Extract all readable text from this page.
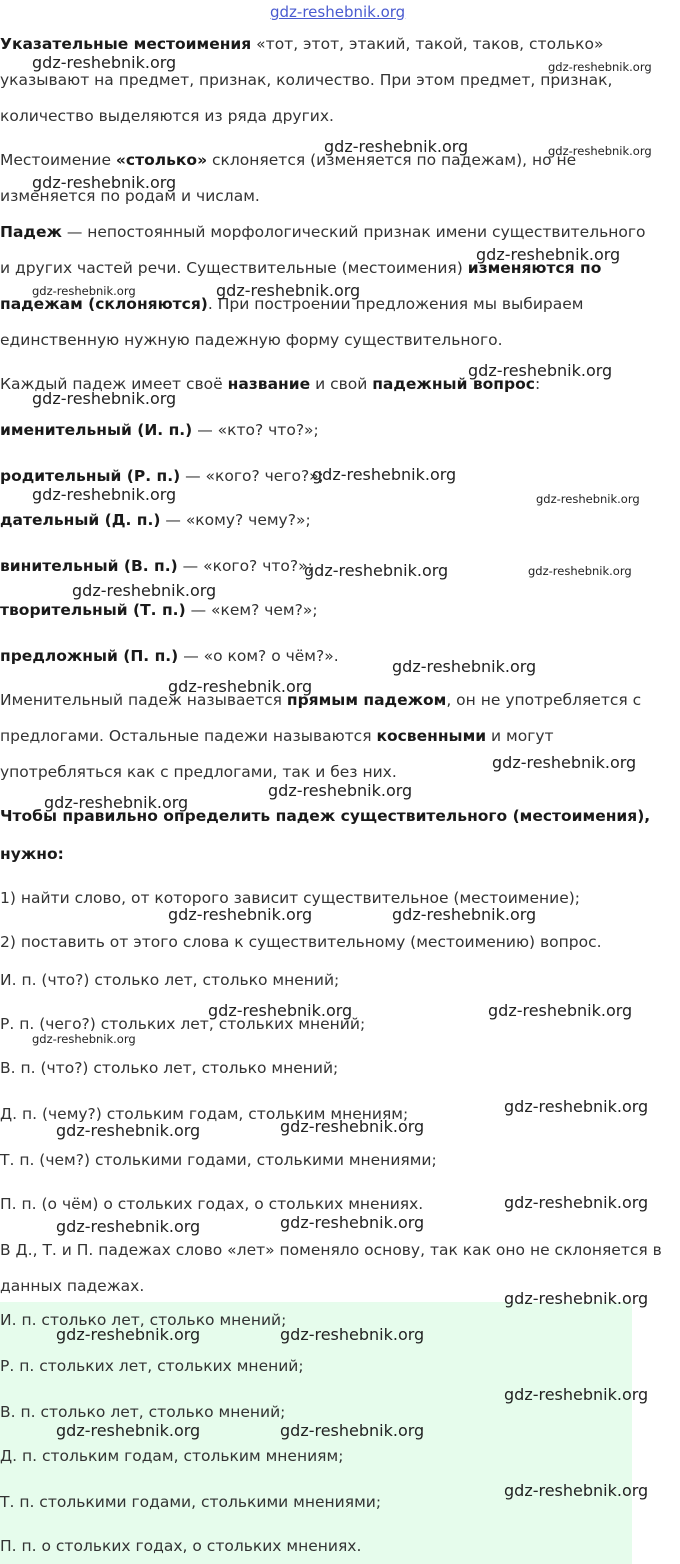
Указательные местоимения «тот, этот, этакий, такой, таков, столько»
указывают на предмет, признак, количество. При этом предмет, признак,
количество выделяются из ряда других.
Местоимение «столько» склоняется (изменяется по падежам), но не
изменяется по родам и числам.
Падеж — непостоянный морфологический признак имени существительного
и других частей речи. Существительные (местоимения) изменяются по
падежам (склоняются). При построении предложения мы выбираем
единственную нужную падежную форму существительного.
Каждый падеж имеет своё название и свой падежный вопрос:
именительный (И. п.) — «кто? что?»;
родительный (Р. п.) — «кого? чего?»;
дательный (Д. п.) — «кому? чему?»;
винительный (В. п.) — «кого? что?»;
творительный (Т. п.) — «кем? чем?»;
предложный (П. п.) — «о ком? о чём?».
Именительный падеж называется прямым падежом, он не употребляется с
предлогами. Остальные падежи называются косвенными и могут
употребляться как с предлогами, так и без них.
Чтобы правильно определить падеж существительного (местоимения),
нужно:
1) найти слово, от которого зависит существительное (местоимение);
2) поставить от этого слова к существительному (местоимению) вопрос.
И. п. (что?) столько лет, столько мнений;
Р. п. (чего?) стольких лет, стольких мнений;
В. п. (что?) столько лет, столько мнений;
Д. п. (чему?) стольким годам, стольким мнениям;
Т. п. (чем?) столькими годами, столькими мнениями;
П. п. (о чём) о стольких годах, о стольких мнениях.
В Д., Т. и П. падежах слово «лет» поменяло основу, так как оно не склоняется в
данных падежах.
И. п. столько лет, столько мнений;
Р. п. стольких лет, стольких мнений;
В. п. столько лет, столько мнений;
Д. п. стольким годам, стольким мнениям;
Т. п. столькими годами, столькими мнениями;
П. п. о стольких годах, о стольких мнениях.
gdz-reshebnik.org
gdz-reshebnik.org	gdz-reshebnik.org
gdz-reshebnik.org	gdz-reshebnik.org
gdz-reshebnik.org
gdz-reshebnik.org
gdz-reshebnik.org	gdz-reshebnik.org
gdz-reshebnik.org
gdz-reshebnik.org
gdz-reshebnik.org
gdz-reshebnik.org	gdz-reshebnik.org
gdz-reshebnik.org	gdz-reshebnik.org
gdz-reshebnik.org
gdz-reshebnik.org
gdz-reshebnik.org
gdz-reshebnik.org
gdz-reshebnik.org
gdz-reshebnik.org
gdz-reshebnik.org	gdz-reshebnik.org
gdz-reshebnik.org	gdz-reshebnik.org
gdz-reshebnik.org
gdz-reshebnik.org
gdz-reshebnik.org
gdz-reshebnik.org
gdz-reshebnik.org
gdz-reshebnik.org
gdz-reshebnik.org
gdz-reshebnik.org
gdz-reshebnik.org	gdz-reshebnik.org
gdz-reshebnik.org
gdz-reshebnik.org	gdz-reshebnik.org
gdz-reshebnik.org
